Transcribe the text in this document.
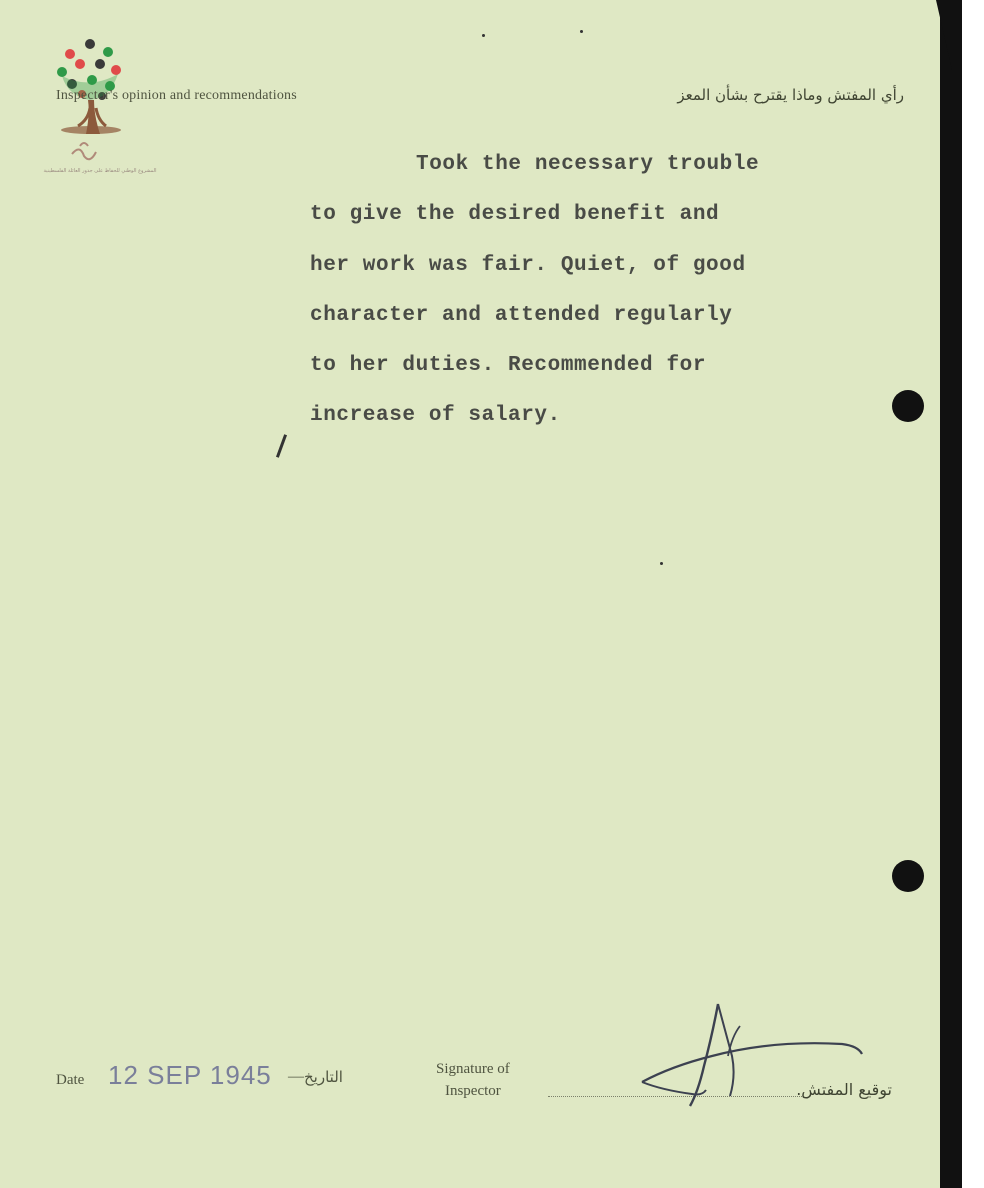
المشروع الوطني للحفاظ على جذور العائلة الفلسطينية
Inspector's opinion and recommendations	رأي المفتش وماذا يقترح بشأن المعز
Took the necessary trouble
to give the desired benefit and
her work was fair. Quiet, of good
character and attended regularly
to her duties. Recommended for
increase of salary.
Date 12 SEP 1945 — التاريخ	Signature of
Inspector	توقيع المفتش.
